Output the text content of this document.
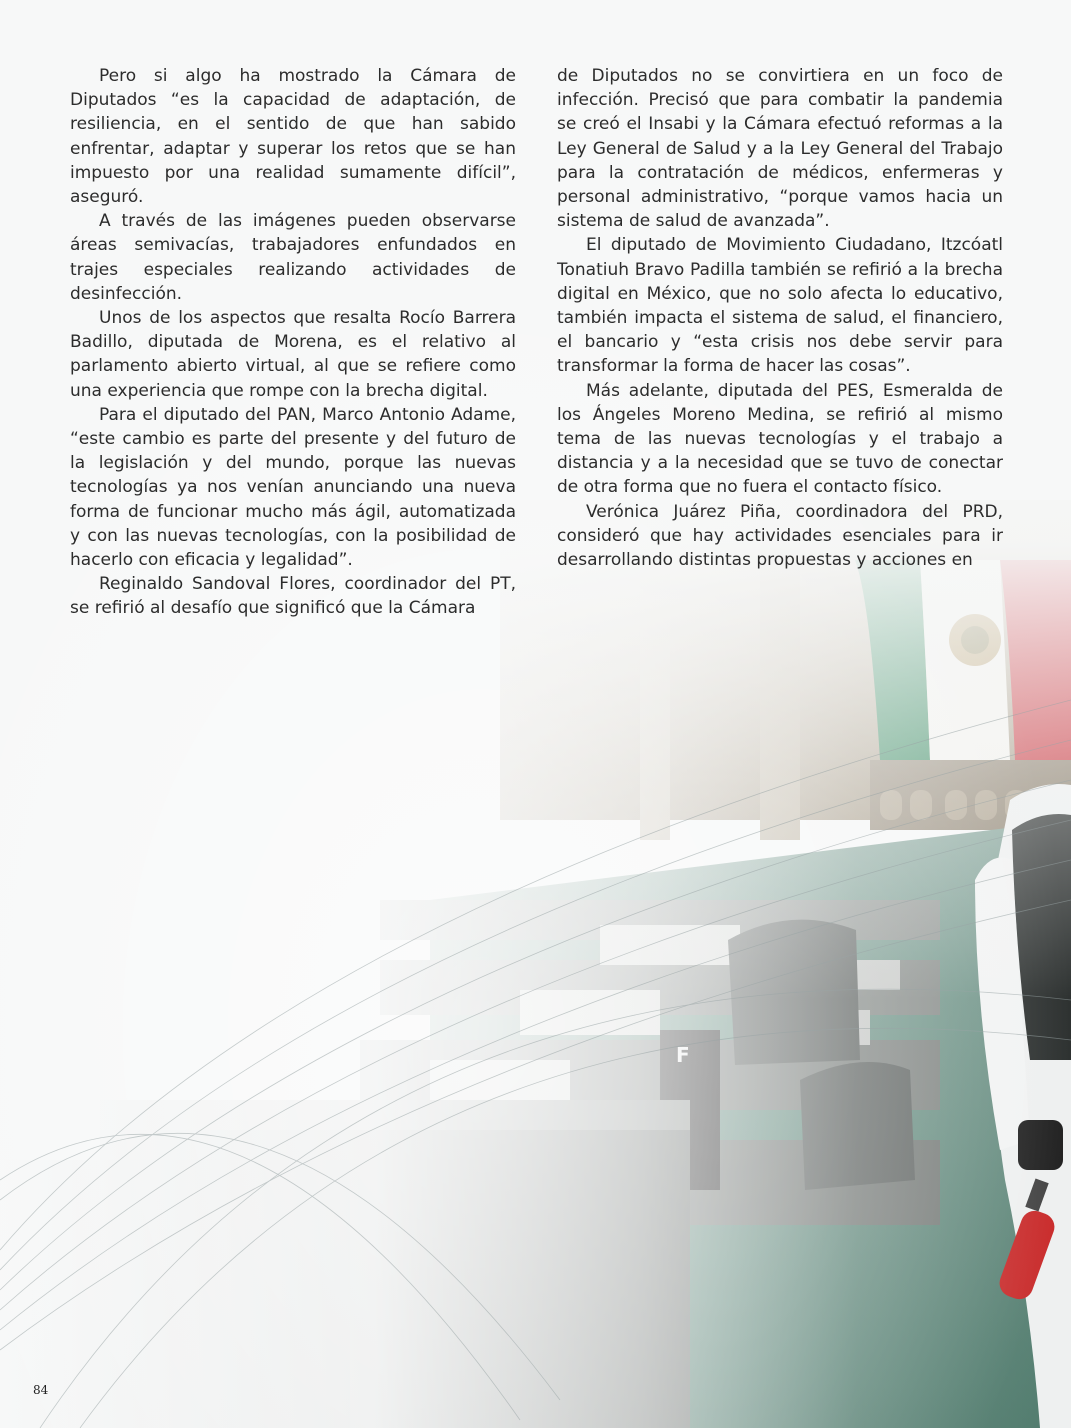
Pero si algo ha mostrado la Cámara de Diputados “es la capacidad de adaptación, de resiliencia, en el sentido de que han sabido enfrentar, adaptar y superar los retos que se han impuesto por una realidad sumamente difícil”, aseguró.

A través de las imágenes pueden observarse áreas semivacías, trabajadores enfundados en trajes especiales realizando actividades de desinfección.

Unos de los aspectos que resalta Rocío Barrera Badillo, diputada de Morena, es el relativo al parlamento abierto virtual, al que se refiere como una experiencia que rompe con la brecha digital.

Para el diputado del PAN, Marco Antonio Adame, “este cambio es parte del presente y del futuro de la legislación y del mundo, porque las nuevas tecnologías ya nos venían anunciando una nueva forma de funcionar mucho más ágil, automatizada y con las nuevas tecnologías, con la posibilidad de hacerlo con eficacia y legalidad”.

Reginaldo Sandoval Flores, coordinador del PT, se refirió al desafío que significó que la Cámara

de Diputados no se convirtiera en un foco de infección. Precisó que para combatir la pandemia se creó el Insabi y la Cámara efectuó reformas a la Ley General de Salud y a la Ley General del Trabajo para la contratación de médicos, enfermeras y personal administrativo, “porque vamos hacia un sistema de salud de avanzada”.

El diputado de Movimiento Ciudadano, Itzcóatl Tonatiuh Bravo Padilla también se refirió a la brecha digital en México, que no solo afecta lo educativo, también impacta el sistema de salud, el financiero, el bancario y “esta crisis nos debe servir para transformar la forma de hacer las cosas”.

Más adelante, diputada del PES, Esmeralda de los Ángeles Moreno Medina, se refirió al mismo tema de las nuevas tecnologías y el trabajo a distancia y a la necesidad que se tuvo de conectar de otra forma que no fuera el contacto físico.

Verónica Juárez Piña, coordinadora del PRD, consideró que hay actividades esenciales para ir desarrollando distintas propuestas y acciones en

84
